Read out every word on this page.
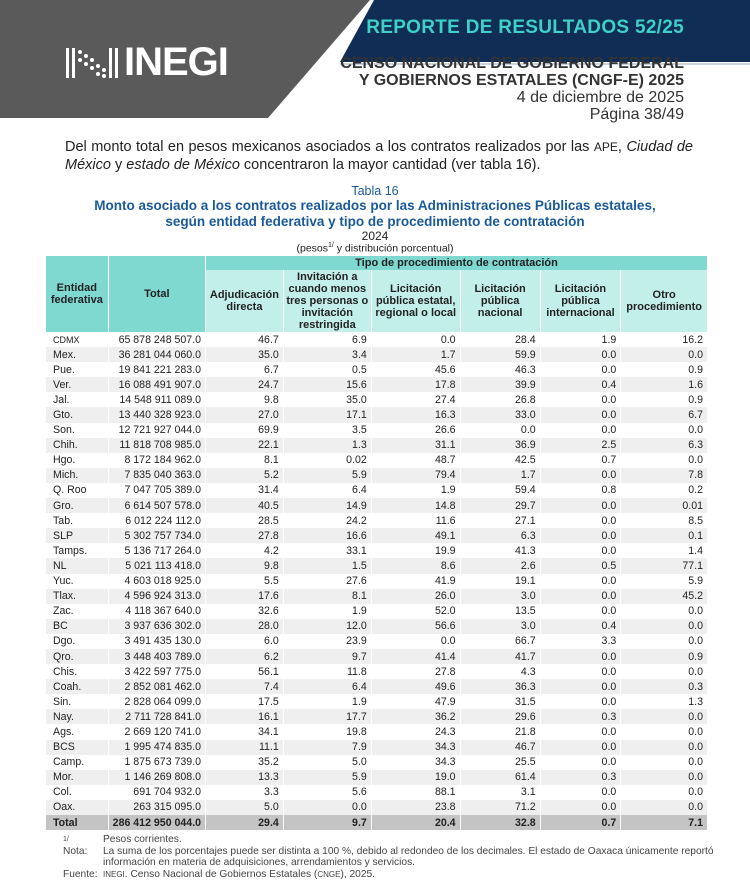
INEGI
REPORTE DE RESULTADOS 52/25
CENSO NACIONAL DE GOBIERNO FEDERAL
Y GOBIERNOS ESTATALES (CNGF-E) 2025
4 de diciembre de 2025
Página 38/49

Del monto total en pesos mexicanos asociados a los contratos realizados por las APE, Ciudad de México y estado de México concentraron la mayor cantidad (ver tabla 16).

Tabla 16
Monto asociado a los contratos realizados por las Administraciones Públicas estatales,
según entidad federativa y tipo de procedimiento de contratación
2024
(pesos$^{1/}$ y distribución porcentual)
Entidad federativa	Total	Tipo de procedimiento de contratación					
		Adjudicación directa	Invitación a cuando menos tres personas o invitación restringida	Licitación pública estatal, regional o local	Licitación pública nacional	Licitación pública internacional	Otro procedimiento
CDMX	65 878 248 507.0	46.7	6.9	0.0	28.4	1.9	16.2
Mex.	36 281 044 060.0	35.0	3.4	1.7	59.9	0.0	0.0
Pue.	19 841 221 283.0	6.7	0.5	45.6	46.3	0.0	0.9
Ver.	16 088 491 907.0	24.7	15.6	17.8	39.9	0.4	1.6
Jal.	14 548 911 089.0	9.8	35.0	27.4	26.8	0.0	0.9
Gto.	13 440 328 923.0	27.0	17.1	16.3	33.0	0.0	6.7
Son.	12 721 927 044.0	69.9	3.5	26.6	0.0	0.0	0.0
Chih.	11 818 708 985.0	22.1	1.3	31.1	36.9	2.5	6.3
Hgo.	8 172 184 962.0	8.1	0.02	48.7	42.5	0.7	0.0
Mich.	7 835 040 363.0	5.2	5.9	79.4	1.7	0.0	7.8
Q. Roo	7 047 705 389.0	31.4	6.4	1.9	59.4	0.8	0.2
Gro.	6 614 507 578.0	40.5	14.9	14.8	29.7	0.0	0.01
Tab.	6 012 224 112.0	28.5	24.2	11.6	27.1	0.0	8.5
SLP	5 302 757 734.0	27.8	16.6	49.1	6.3	0.0	0.1
Tamps.	5 136 717 264.0	4.2	33.1	19.9	41.3	0.0	1.4
NL	5 021 113 418.0	9.8	1.5	8.6	2.6	0.5	77.1
Yuc.	4 603 018 925.0	5.5	27.6	41.9	19.1	0.0	5.9
Tlax.	4 596 924 313.0	17.6	8.1	26.0	3.0	0.0	45.2
Zac.	4 118 367 640.0	32.6	1.9	52.0	13.5	0.0	0.0
BC	3 937 636 302.0	28.0	12.0	56.6	3.0	0.4	0.0
Dgo.	3 491 435 130.0	6.0	23.9	0.0	66.7	3.3	0.0
Qro.	3 448 403 789.0	6.2	9.7	41.4	41.7	0.0	0.9
Chis.	3 422 597 775.0	56.1	11.8	27.8	4.3	0.0	0.0
Coah.	2 852 081 462.0	7.4	6.4	49.6	36.3	0.0	0.3
Sin.	2 828 064 099.0	17.5	1.9	47.9	31.5	0.0	1.3
Nay.	2 711 728 841.0	16.1	17.7	36.2	29.6	0.3	0.0
Ags.	2 669 120 741.0	34.1	19.8	24.3	21.8	0.0	0.0
BCS	1 995 474 835.0	11.1	7.9	34.3	46.7	0.0	0.0
Camp.	1 875 673 739.0	35.2	5.0	34.3	25.5	0.0	0.0
Mor.	1 146 269 808.0	13.3	5.9	19.0	61.4	0.3	0.0
Col.	691 704 932.0	3.3	5.6	88.1	3.1	0.0	0.0
Oax.	263 315 095.0	5.0	0.0	23.8	71.2	0.0	0.0
Total	286 412 950 044.0	29.4	9.7	20.4	32.8	0.7	7.1
1/	Pesos corrientes.
Nota:	La suma de los porcentajes puede ser distinta a 100 %, debido al redondeo de los decimales. El estado de Oaxaca únicamente reportó información en materia de adquisiciones, arrendamientos y servicios.
Fuente: INEGI. Censo Nacional de Gobiernos Estatales (CNGE), 2025.
